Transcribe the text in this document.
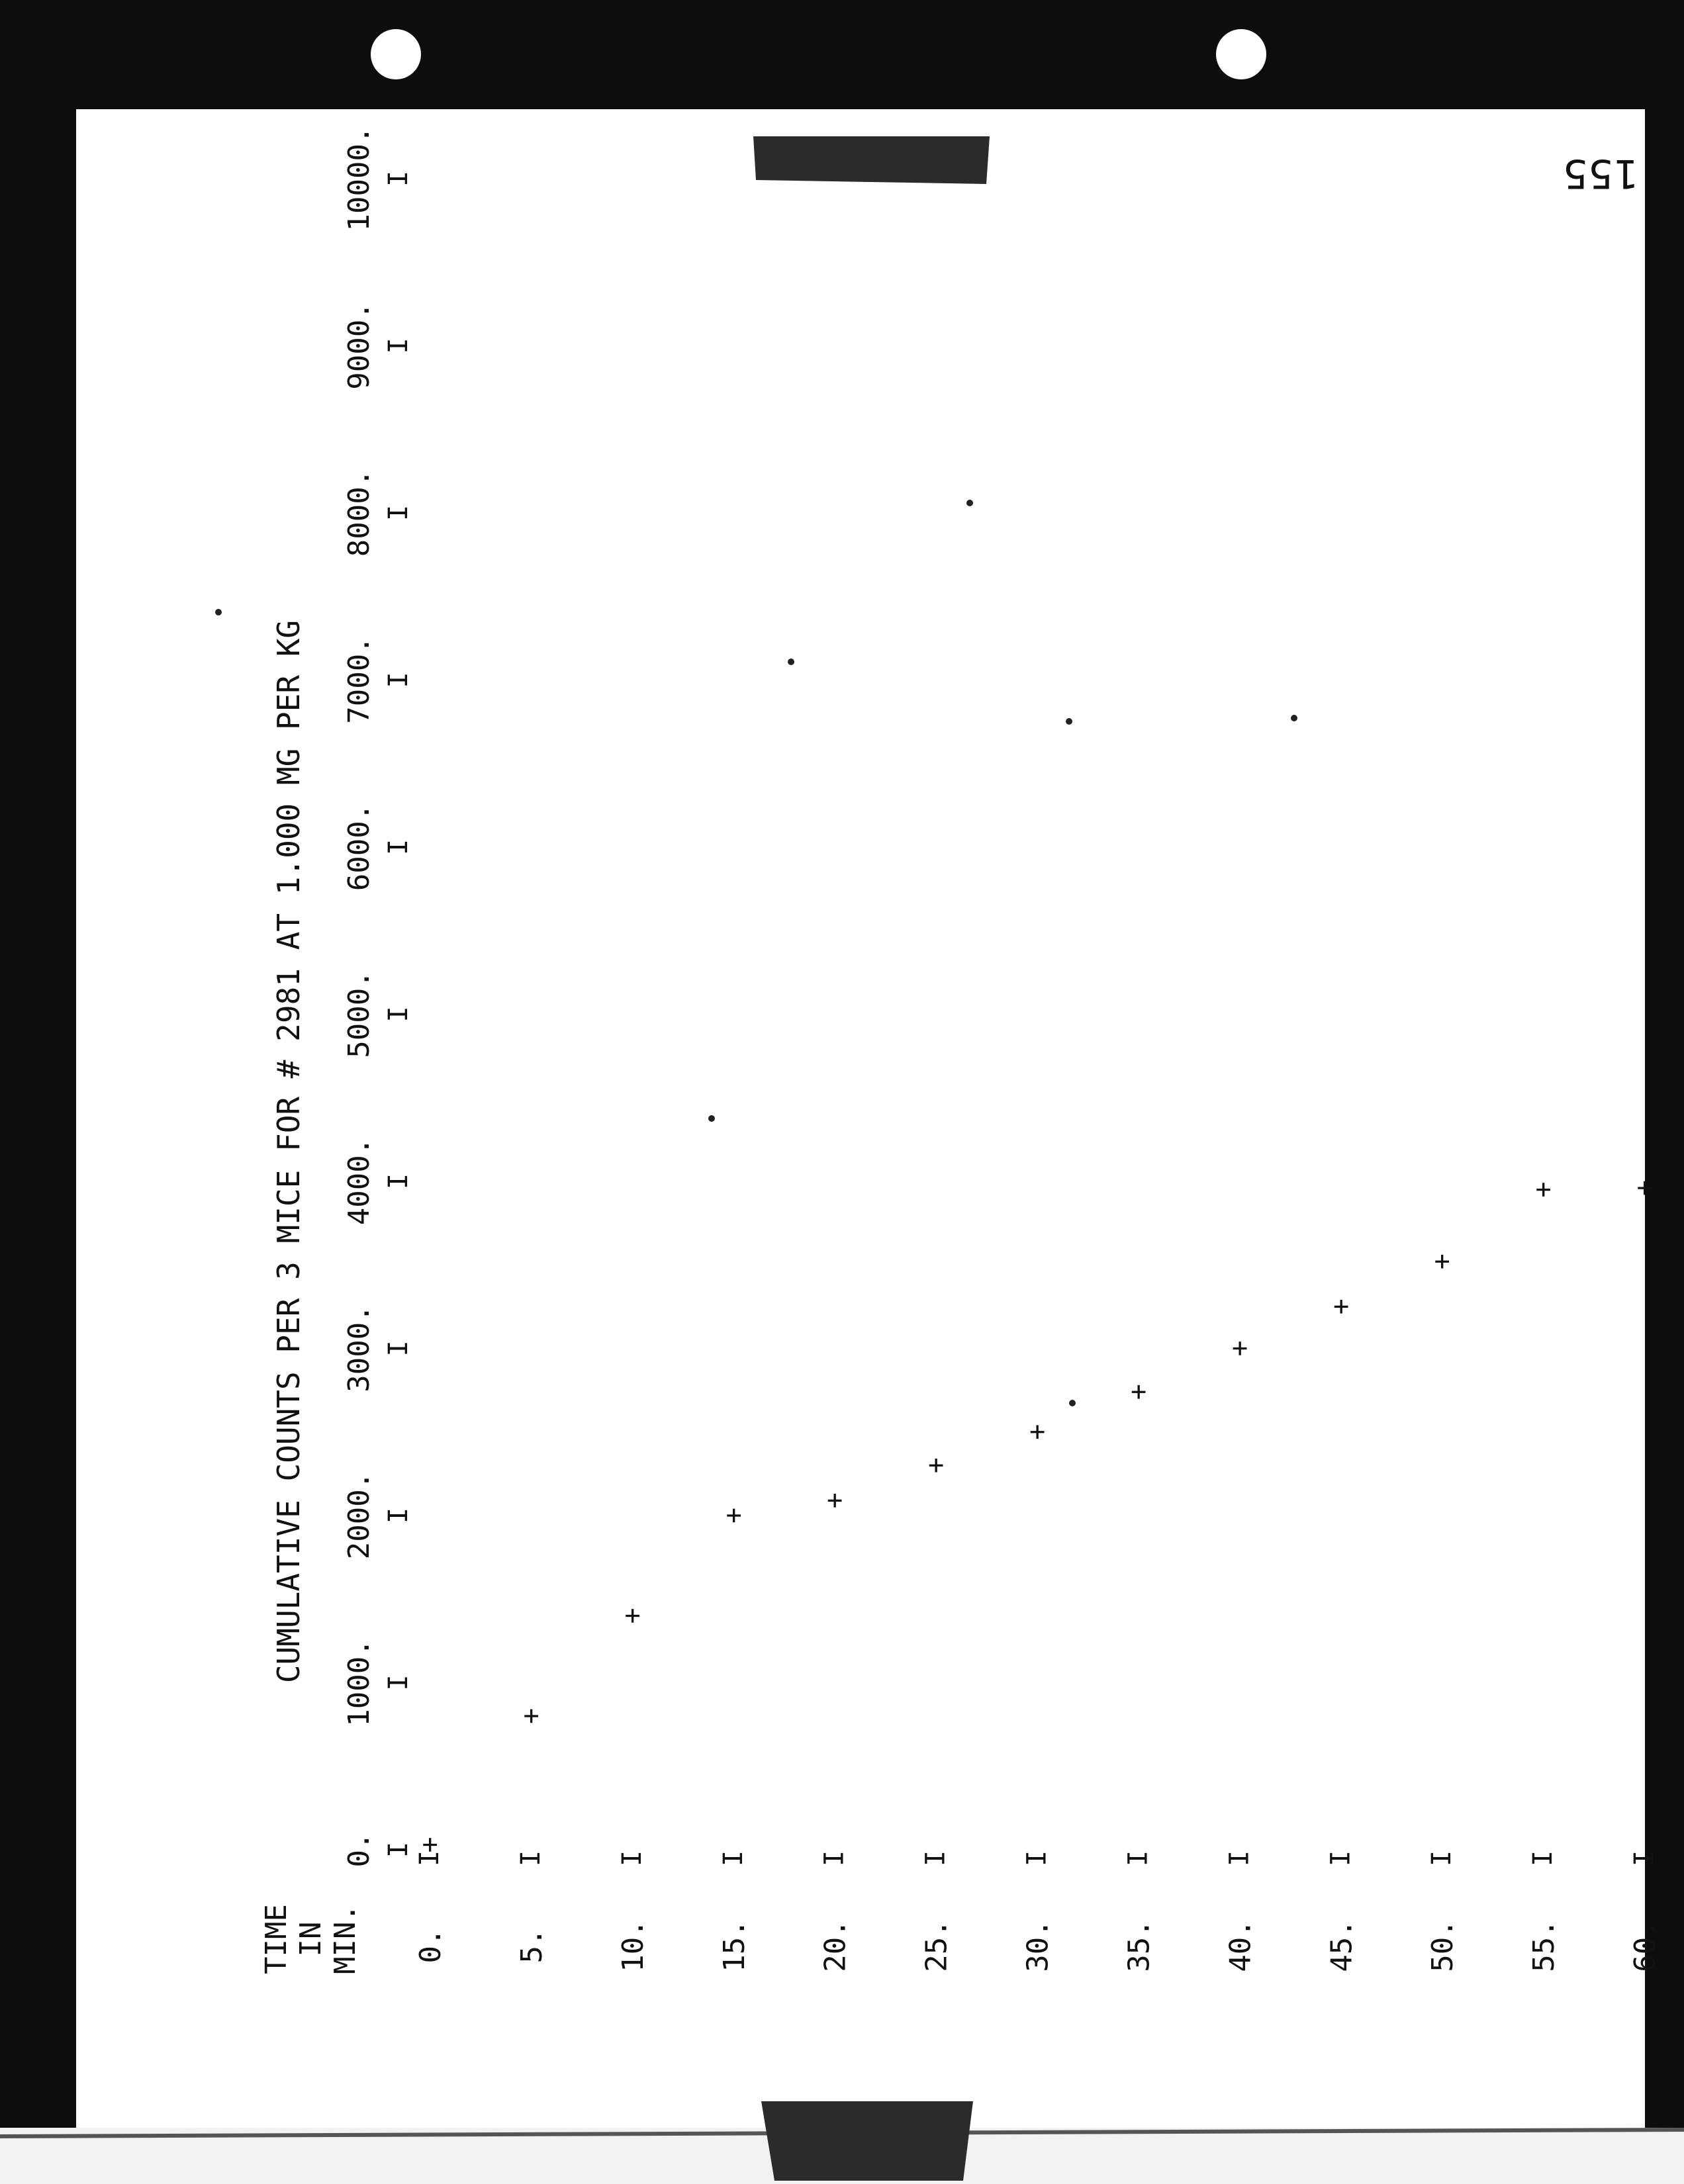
155
CUMULATIVE COUNTS PER 3 MICE FOR # 2981 AT 1.000 MG PER KG
TIME IN MIN.
0. I
1000. I
2000. I
3000. I
4000. I
5000. I
6000. I
7000. I
8000. I
9000. I
10000. I
0.
I
5.
I
10.
I
15.
I
20.
I
25.
I
30.
I
35.
I
40.
I
45.
I
50.
I
55.
I
60.
I
+
+
+
+
+
+
+
+
+
+
+
+	+
